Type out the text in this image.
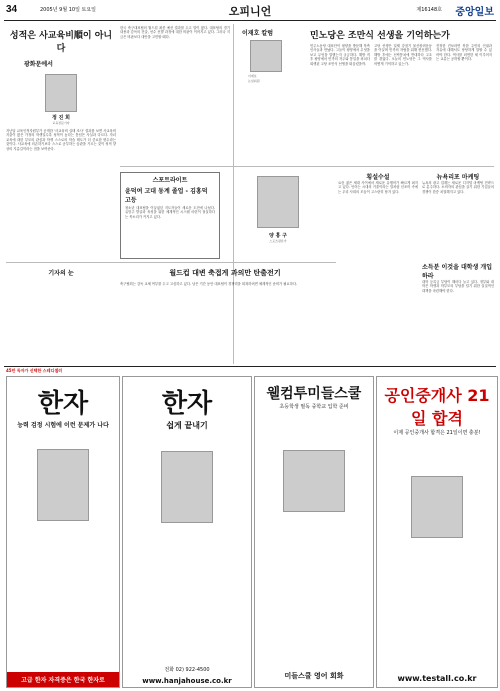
34	2005년 9월 10일 토요일	오피니언	제16148호 중앙일보
성적은 사교육비順이 아니다
광화문에서
정 진 희
교육전문기자
지난달 교육인적자원부가 공개한 '사교육비 실태 조사' 결과를 보면 사교육비 지출이 많은 가정의 학생일수록 성적이 높다는 통념은 사실과 다르다. 자녀 교육에 대한 부모의 관심과 학생 스스로의 학습 태도가 더 중요한 변수라는 것이다. 사교육에 의존하기보다 스스로 공부하는 습관을 기르는 것이 성적 향상의 지름길이라는 점을 보여준다.
한국 축구대표팀의 월드컵 최종 예선 결과를 두고 말이 많다. 대표팀의 경기 내용과 감독의 전술, 선수 선발 과정에 대한 비판이 이어지고 있다. 그러나 지금은 비판보다 대안을 고민할 때다.	이재호 칼럼
이재호
논설위원
민노당은 조만식 선생을 기억하는가
민주노동당 대표단이 평양을 방문해 북측 인사들과 만났다. 그들이 평양에서 무엇을 보고 무엇을 말했는지 궁금하다. 해방 직후 평양에서 민족의 자주와 통일을 외치다 희생된 고당 조만식 선생을 떠올렸을까.
고당 선생은 일제 강점기 물산장려운동을 이끌며 민족의 자립을 위해 헌신했다. 해방 후에는 신탁통치에 반대하다 고초를 겪었다. 오늘의 민노당은 그 역사를 어떻게 기억하고 있는가.
진정한 진보라면 북한 주민의 인권과 자유에 대해서도 당당하게 말할 수 있어야 한다. 역사를 외면한 채 이루어지는 교류는 공허할 뿐이다.
스포트라이트
윤덕여 고대 동계 졸업 - 김홍덕 고등
청소년 대표팀을 이끌었던 지도자들이 새로운 도전에 나섰다. 유망주 발굴과 육성을 위한 체계적인 시스템 마련이 절실하다는 목소리가 커지고 있다.
양 홍 구
스포츠평론가
횡설수설
요즘 젊은 세대 사이에서 새로운 유행어가 빠르게 퍼지고 있다. 언어는 시대의 거울이라는 말처럼 신조어 속에는 우리 사회의 모습이 고스란히 담겨 있다.
뉴욕리포 마케팅
뉴욕의 광고 업계는 새로운 디지털 마케팅 전략으로 분주하다. 소비자의 관심을 끌기 위한 기업들의 경쟁이 한층 치열해지고 있다.
소득분 이것을 대학생 개입하라
대학 등록금 부담이 해마다 늘고 있다. 정부와 대학은 학생과 학부모의 부담을 덜기 위한 실질적인 대책을 마련해야 한다.
기자의 눈	월드컵 대변 축접게 과의만 탄출전기
축구협회는 감독 교체 여부를 두고 고심하고 있다. 남은 기간 동안 대표팀이 경쟁력을 회복하려면 체계적인 준비가 필요하다.
45만 독자가 선택한 스테디셀러
한자
능력 검정 시험에 이런 문제가 나다
고급 한자 자격증은 한국 한자로
한자
쉽게 끝내기
전화 02) 922-4500
www.hanjahouse.co.kr
웰컴투미들스쿨
초등학생 필독 중학교 입학 준비
미들스쿨 영어 회화
공인중개사 21일 합격
이제 공인중개사 합격은 21일이면 충분!
www.testall.co.kr
